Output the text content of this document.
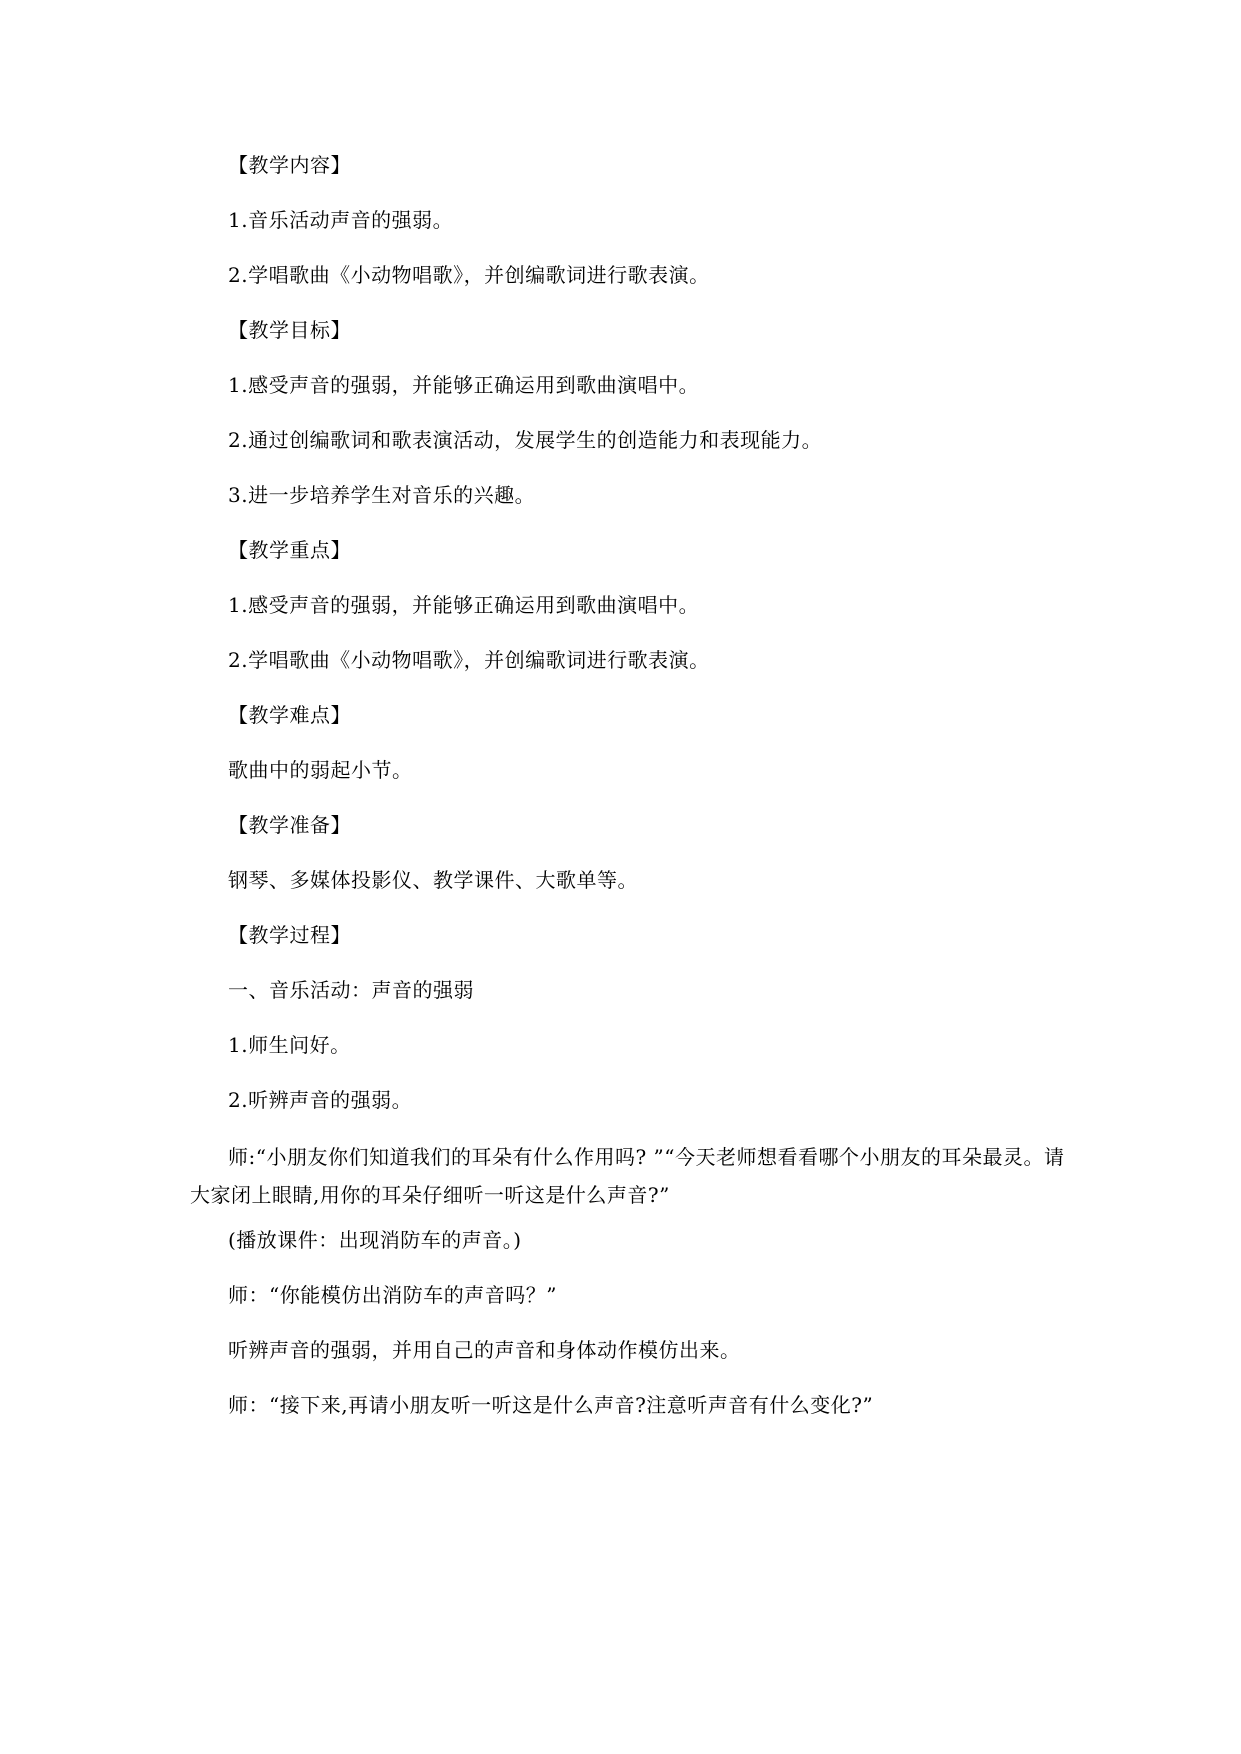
【教学内容】
1.音乐活动声音的强弱。
2.学唱歌曲《小动物唱歌》，并创编歌词进行歌表演。
【教学目标】
1.感受声音的强弱，并能够正确运用到歌曲演唱中。
2.通过创编歌词和歌表演活动，发展学生的创造能力和表现能力。
3.进一步培养学生对音乐的兴趣。
【教学重点】
1.感受声音的强弱，并能够正确运用到歌曲演唱中。
2.学唱歌曲《小动物唱歌》，并创编歌词进行歌表演。
【教学难点】
歌曲中的弱起小节。
【教学准备】
钢琴、多媒体投影仪、教学课件、大歌单等。
【教学过程】
一、音乐活动：声音的强弱
1.师生问好。
2.听辨声音的强弱。
师:“小朋友你们知道我们的耳朵有什么作用吗? ”“今天老师想看看哪个小朋友的耳朵最灵。请大家闭上眼睛,用你的耳朵仔细听一听这是什么声音?”
(播放课件：出现消防车的声音。)
师：“你能模仿出消防车的声音吗？”
听辨声音的强弱，并用自己的声音和身体动作模仿出来。
师：“接下来,再请小朋友听一听这是什么声音?注意听声音有什么变化?”
